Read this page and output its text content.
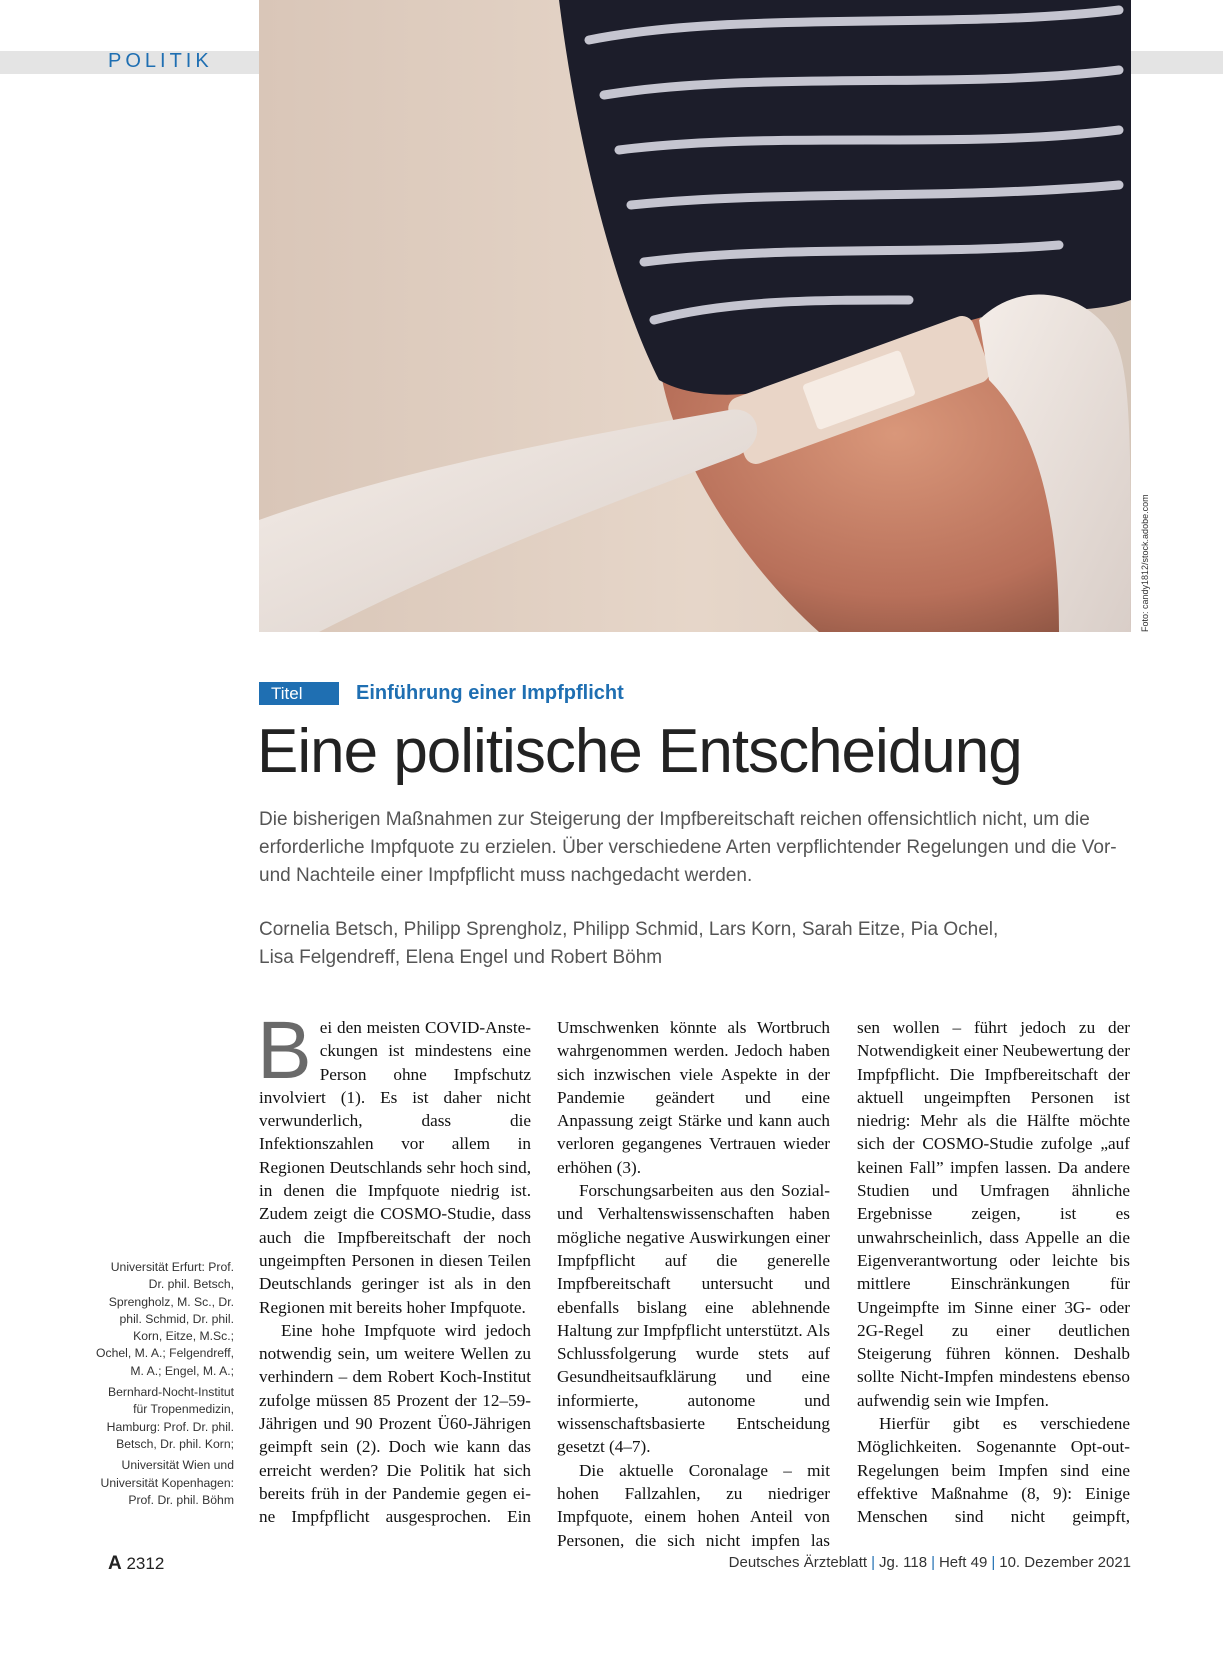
POLITIK
Foto: candy1812/stock.adobe.com
Titel	Einführung einer Impfpflicht
Eine politische Entscheidung
Die bisherigen Maßnahmen zur Steigerung der Impfbereitschaft reichen offensichtlich nicht, um die erforderliche Impfquote zu erzielen. Über verschiedene Arten verpflichtender Regelungen und die Vor- und Nachteile einer Impfpflicht muss nachgedacht werden.
Cornelia Betsch, Philipp Sprengholz, Philipp Schmid, Lars Korn, Sarah Eitze, Pia Ochel,
Lisa Felgendreff, Elena Engel und Robert Böhm

Universität Erfurt: Prof. Dr. phil. Betsch, Sprengholz, M. Sc., Dr. phil. Schmid, Dr. phil. Korn, Eitze, M.Sc.; Ochel, M. A.; Felgendreff, M. A.; Engel, M. A.;

Bernhard-Nocht-Institut für Tropenmedizin, Hamburg: Prof. Dr. phil. Betsch, Dr. phil. Korn;

Universität Wien und Universität Kopenhagen: Prof. Dr. phil. Böhm

Bei den meisten COVID-Ansteckungen ist mindestens eine Person ohne Impfschutz involviert (1). Es ist daher nicht verwunderlich, dass die Infektionszahlen vor allem in Regionen Deutschlands sehr hoch sind, in denen die Impfquote niedrig ist. Zudem zeigt die COSMO-Studie, dass auch die Impfbereitschaft der noch ungeimpften Personen in diesen Teilen Deutschlands geringer ist als in den Regionen mit bereits hoher Impfquote.

Eine hohe Impfquote wird jedoch notwendig sein, um weitere Wellen zu verhindern – dem Robert Koch-Institut zufolge müssen 85 Prozent der 12–59-Jährigen und 90 Prozent Ü60-Jährigen geimpft sein (2). Doch wie kann das erreicht werden? Die Politik hat sich bereits früh in der Pandemie gegen eine Impfpflicht ausgesprochen. Ein

Umschwenken könnte als Wortbruch wahrgenommen werden. Jedoch haben sich inzwischen viele Aspekte in der Pandemie geändert und eine Anpassung zeigt Stärke und kann auch verloren gegangenes Vertrauen wieder erhöhen (3).

Forschungsarbeiten aus den Sozial- und Verhaltenswissenschaften haben mögliche negative Auswirkungen einer Impfpflicht auf die generelle Impfbereitschaft untersucht und ebenfalls bislang eine ablehnende Haltung zur Impfpflicht unterstützt. Als Schlussfolgerung wurde stets auf Gesundheitsaufklärung und eine informierte, autonome und wissenschaftsbasierte Entscheidung gesetzt (4–7).

Die aktuelle Coronalage – mit hohen Fallzahlen, zu niedriger Impfquote, einem hohen Anteil von Personen, die sich nicht impfen las

sen wollen – führt jedoch zu der Notwendigkeit einer Neubewertung der Impfpflicht. Die Impfbereitschaft der aktuell ungeimpften Personen ist niedrig: Mehr als die Hälfte möchte sich der COSMO-Studie zufolge „auf keinen Fall” impfen lassen. Da andere Studien und Umfragen ähnliche Ergebnisse zeigen, ist es unwahrscheinlich, dass Appelle an die Eigenverantwortung oder leichte bis mittlere Einschränkungen für Ungeimpfte im Sinne einer 3G- oder 2G-Regel zu einer deutlichen Steigerung führen können. Deshalb sollte Nicht-Impfen mindestens ebenso aufwendig sein wie Impfen.

Hierfür gibt es verschiedene Möglichkeiten. Sogenannte Opt-out-Regelungen beim Impfen sind eine effektive Maßnahme (8, 9): Einige Menschen sind nicht geimpft,

A 2312	Deutsches Ärzteblatt | Jg. 118 | Heft 49 | 10. Dezember 2021
